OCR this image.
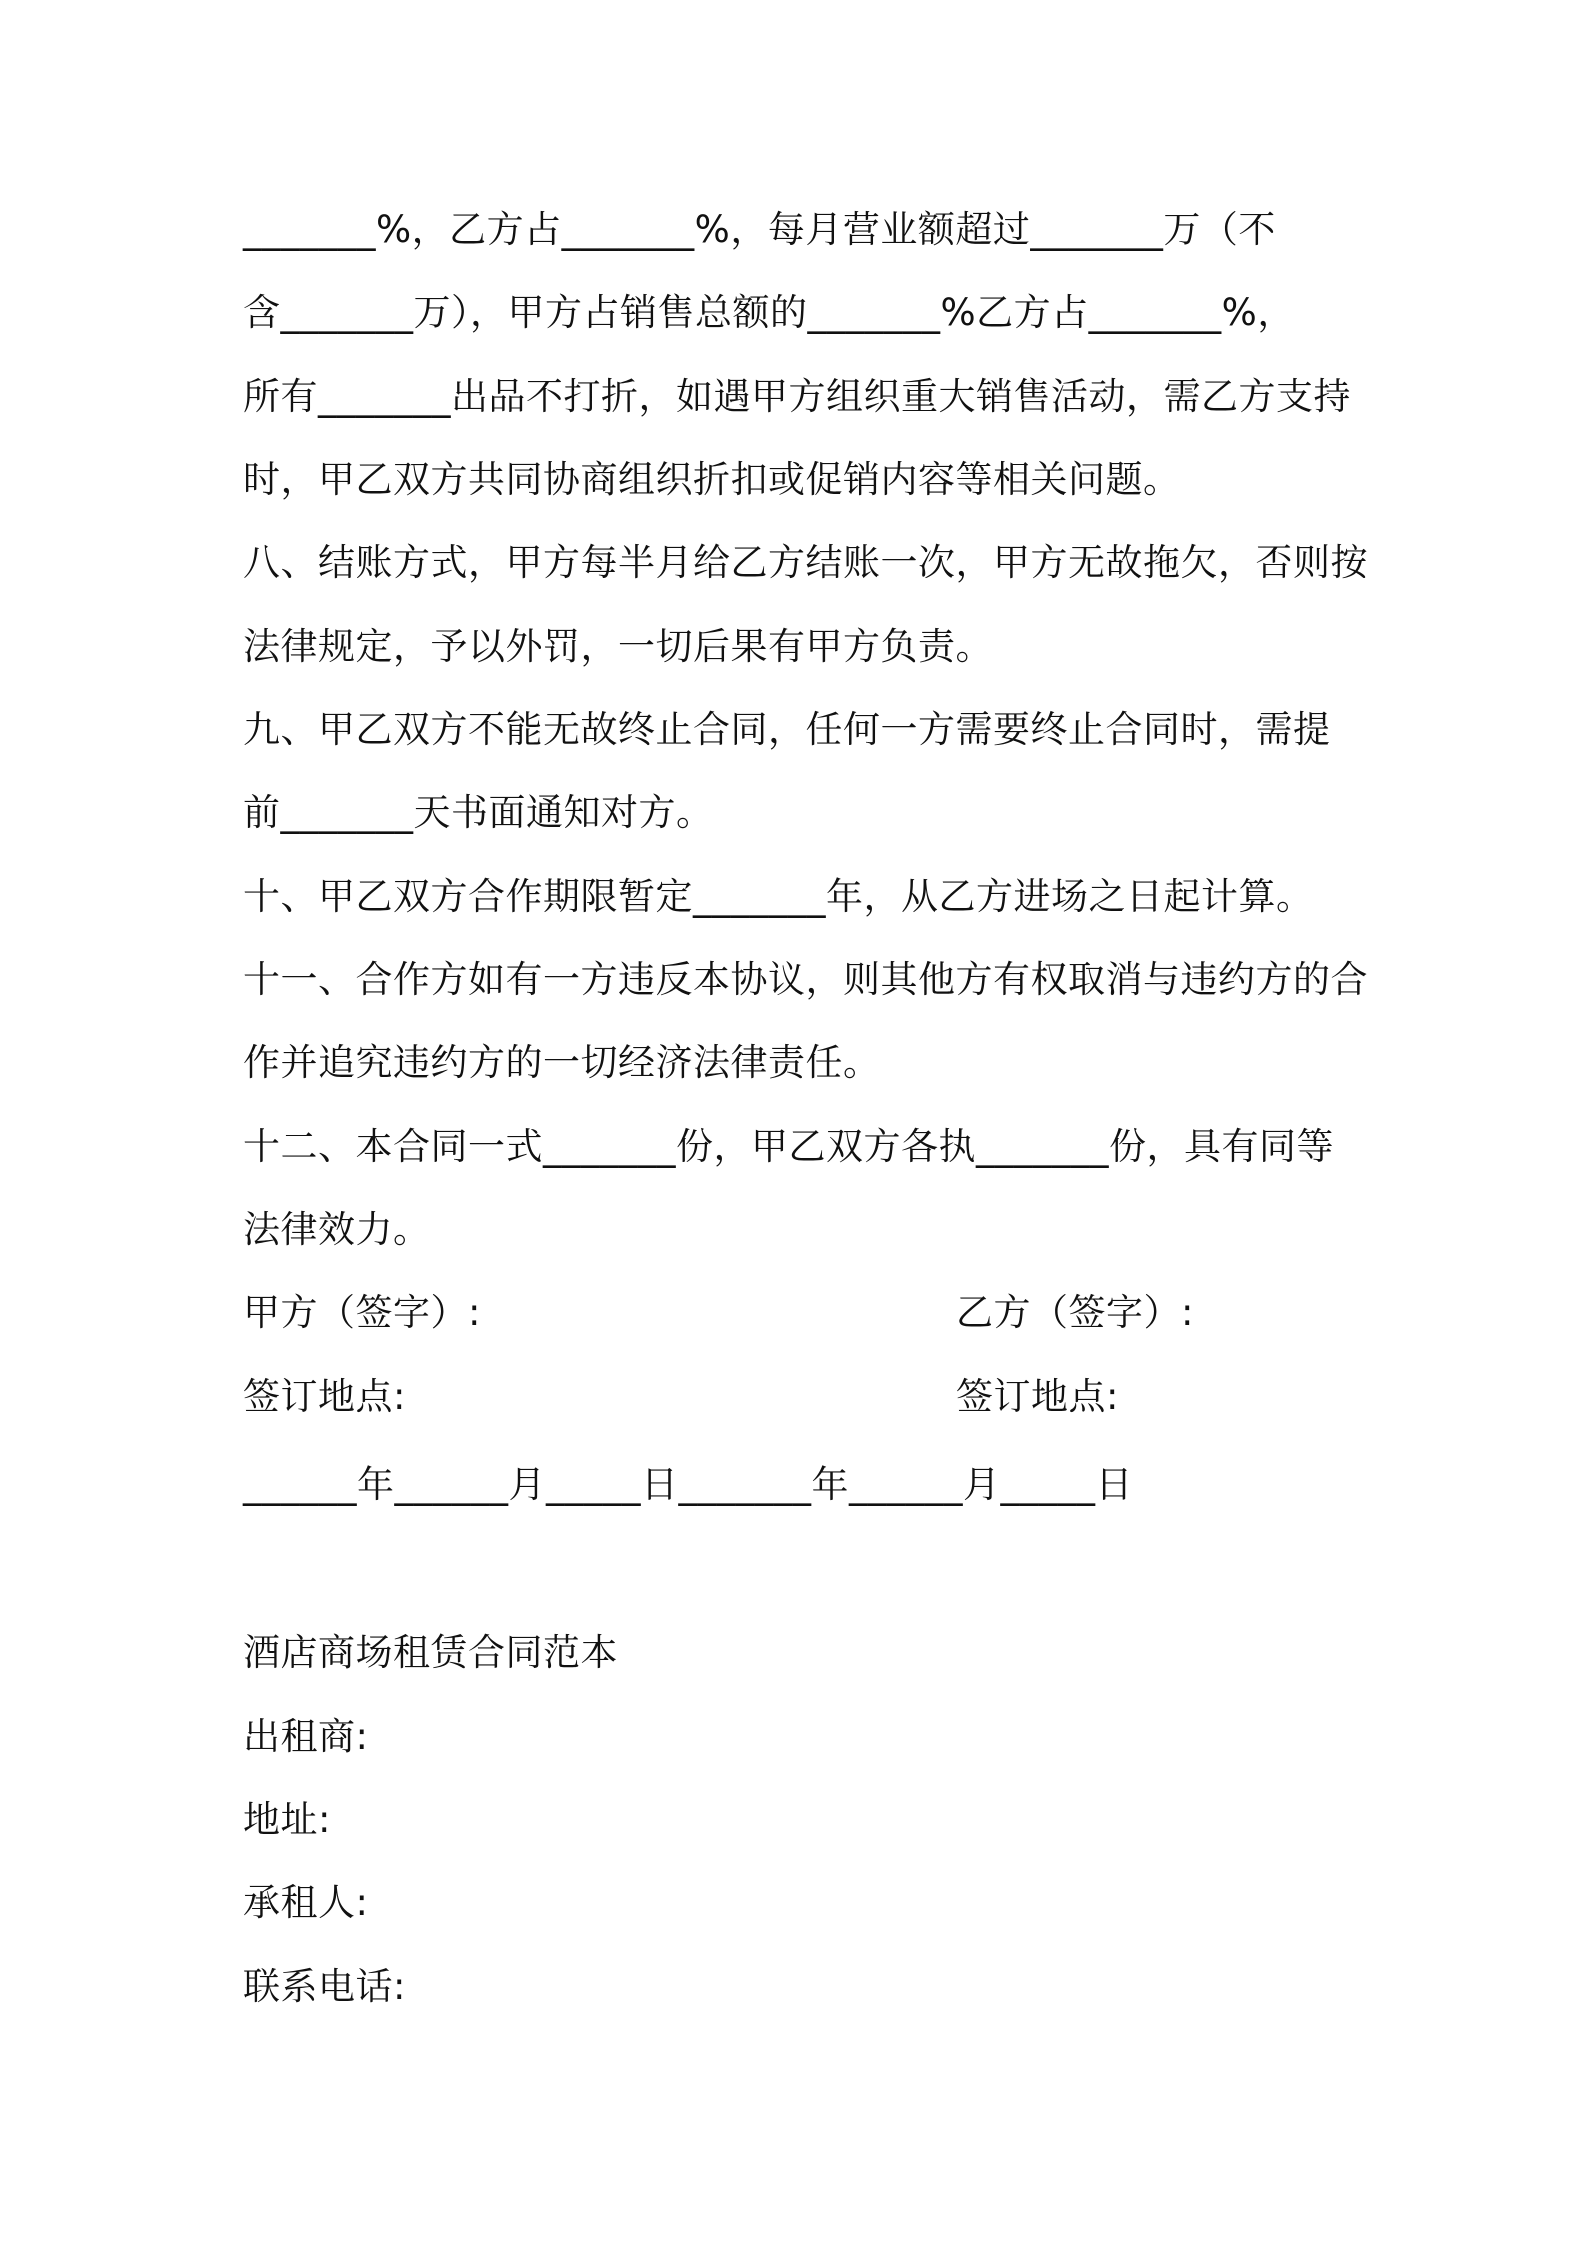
_______%，乙方占_______%，每月营业额超过_______万（不
含_______万），甲方占销售总额的_______%乙方占_______%，
所有_______出品不打折，如遇甲方组织重大销售活动，需乙方支持
时，甲乙双方共同协商组织折扣或促销内容等相关问题。
八、结账方式，甲方每半月给乙方结账一次，甲方无故拖欠，否则按
法律规定，予以外罚，一切后果有甲方负责。
九、甲乙双方不能无故终止合同，任何一方需要终止合同时，需提
前_______天书面通知对方。
十、甲乙双方合作期限暂定_______年，从乙方进场之日起计算。
十一、合作方如有一方违反本协议，则其他方有权取消与违约方的合
作并追究违约方的一切经济法律责任。
十二、本合同一式_______份，甲乙双方各执_______份，具有同等
法律效力。
甲方（签字）:	乙方（签字）:
签订地点:	签订地点:
______年______月_____日_______年______月_____日
酒店商场租赁合同范本
出租商:
地址:
承租人:
联系电话:
